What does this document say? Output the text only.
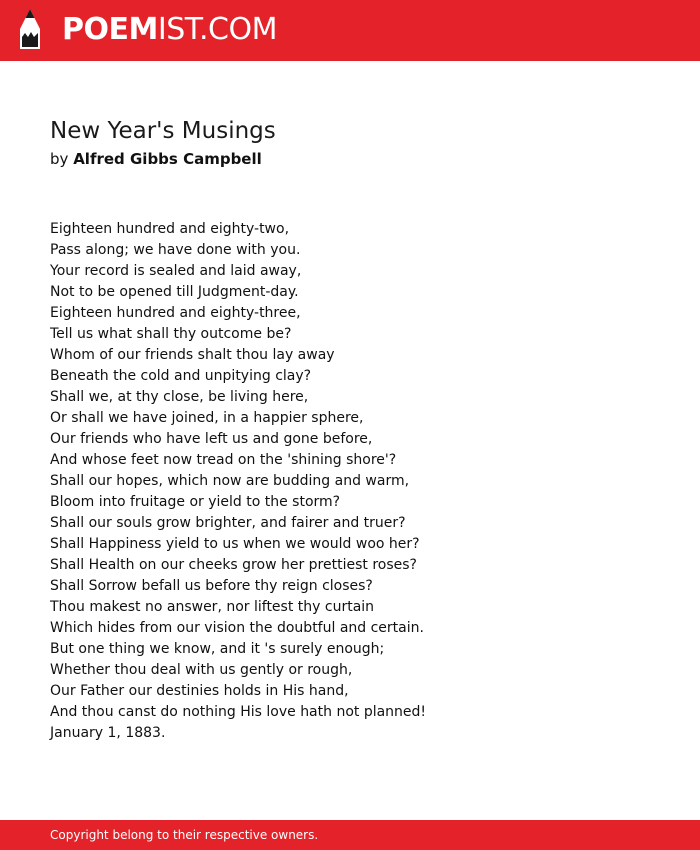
POEMIST.COM
New Year's Musings
by Alfred Gibbs Campbell
Eighteen hundred and eighty-two,
Pass along; we have done with you.
Your record is sealed and laid away,
Not to be opened till Judgment-day.
Eighteen hundred and eighty-three,
Tell us what shall thy outcome be?
Whom of our friends shalt thou lay away
Beneath the cold and unpitying clay?
Shall we, at thy close, be living here,
Or shall we have joined, in a happier sphere,
Our friends who have left us and gone before,
And whose feet now tread on the 'shining shore'?
Shall our hopes, which now are budding and warm,
Bloom into fruitage or yield to the storm?
Shall our souls grow brighter, and fairer and truer?
Shall Happiness yield to us when we would woo her?
Shall Health on our cheeks grow her prettiest roses?
Shall Sorrow befall us before thy reign closes?
Thou makest no answer, nor liftest thy curtain
Which hides from our vision the doubtful and certain.
But one thing we know, and it 's surely enough;
Whether thou deal with us gently or rough,
Our Father our destinies holds in His hand,
And thou canst do nothing His love hath not planned!
January 1, 1883.
Copyright belong to their respective owners.
